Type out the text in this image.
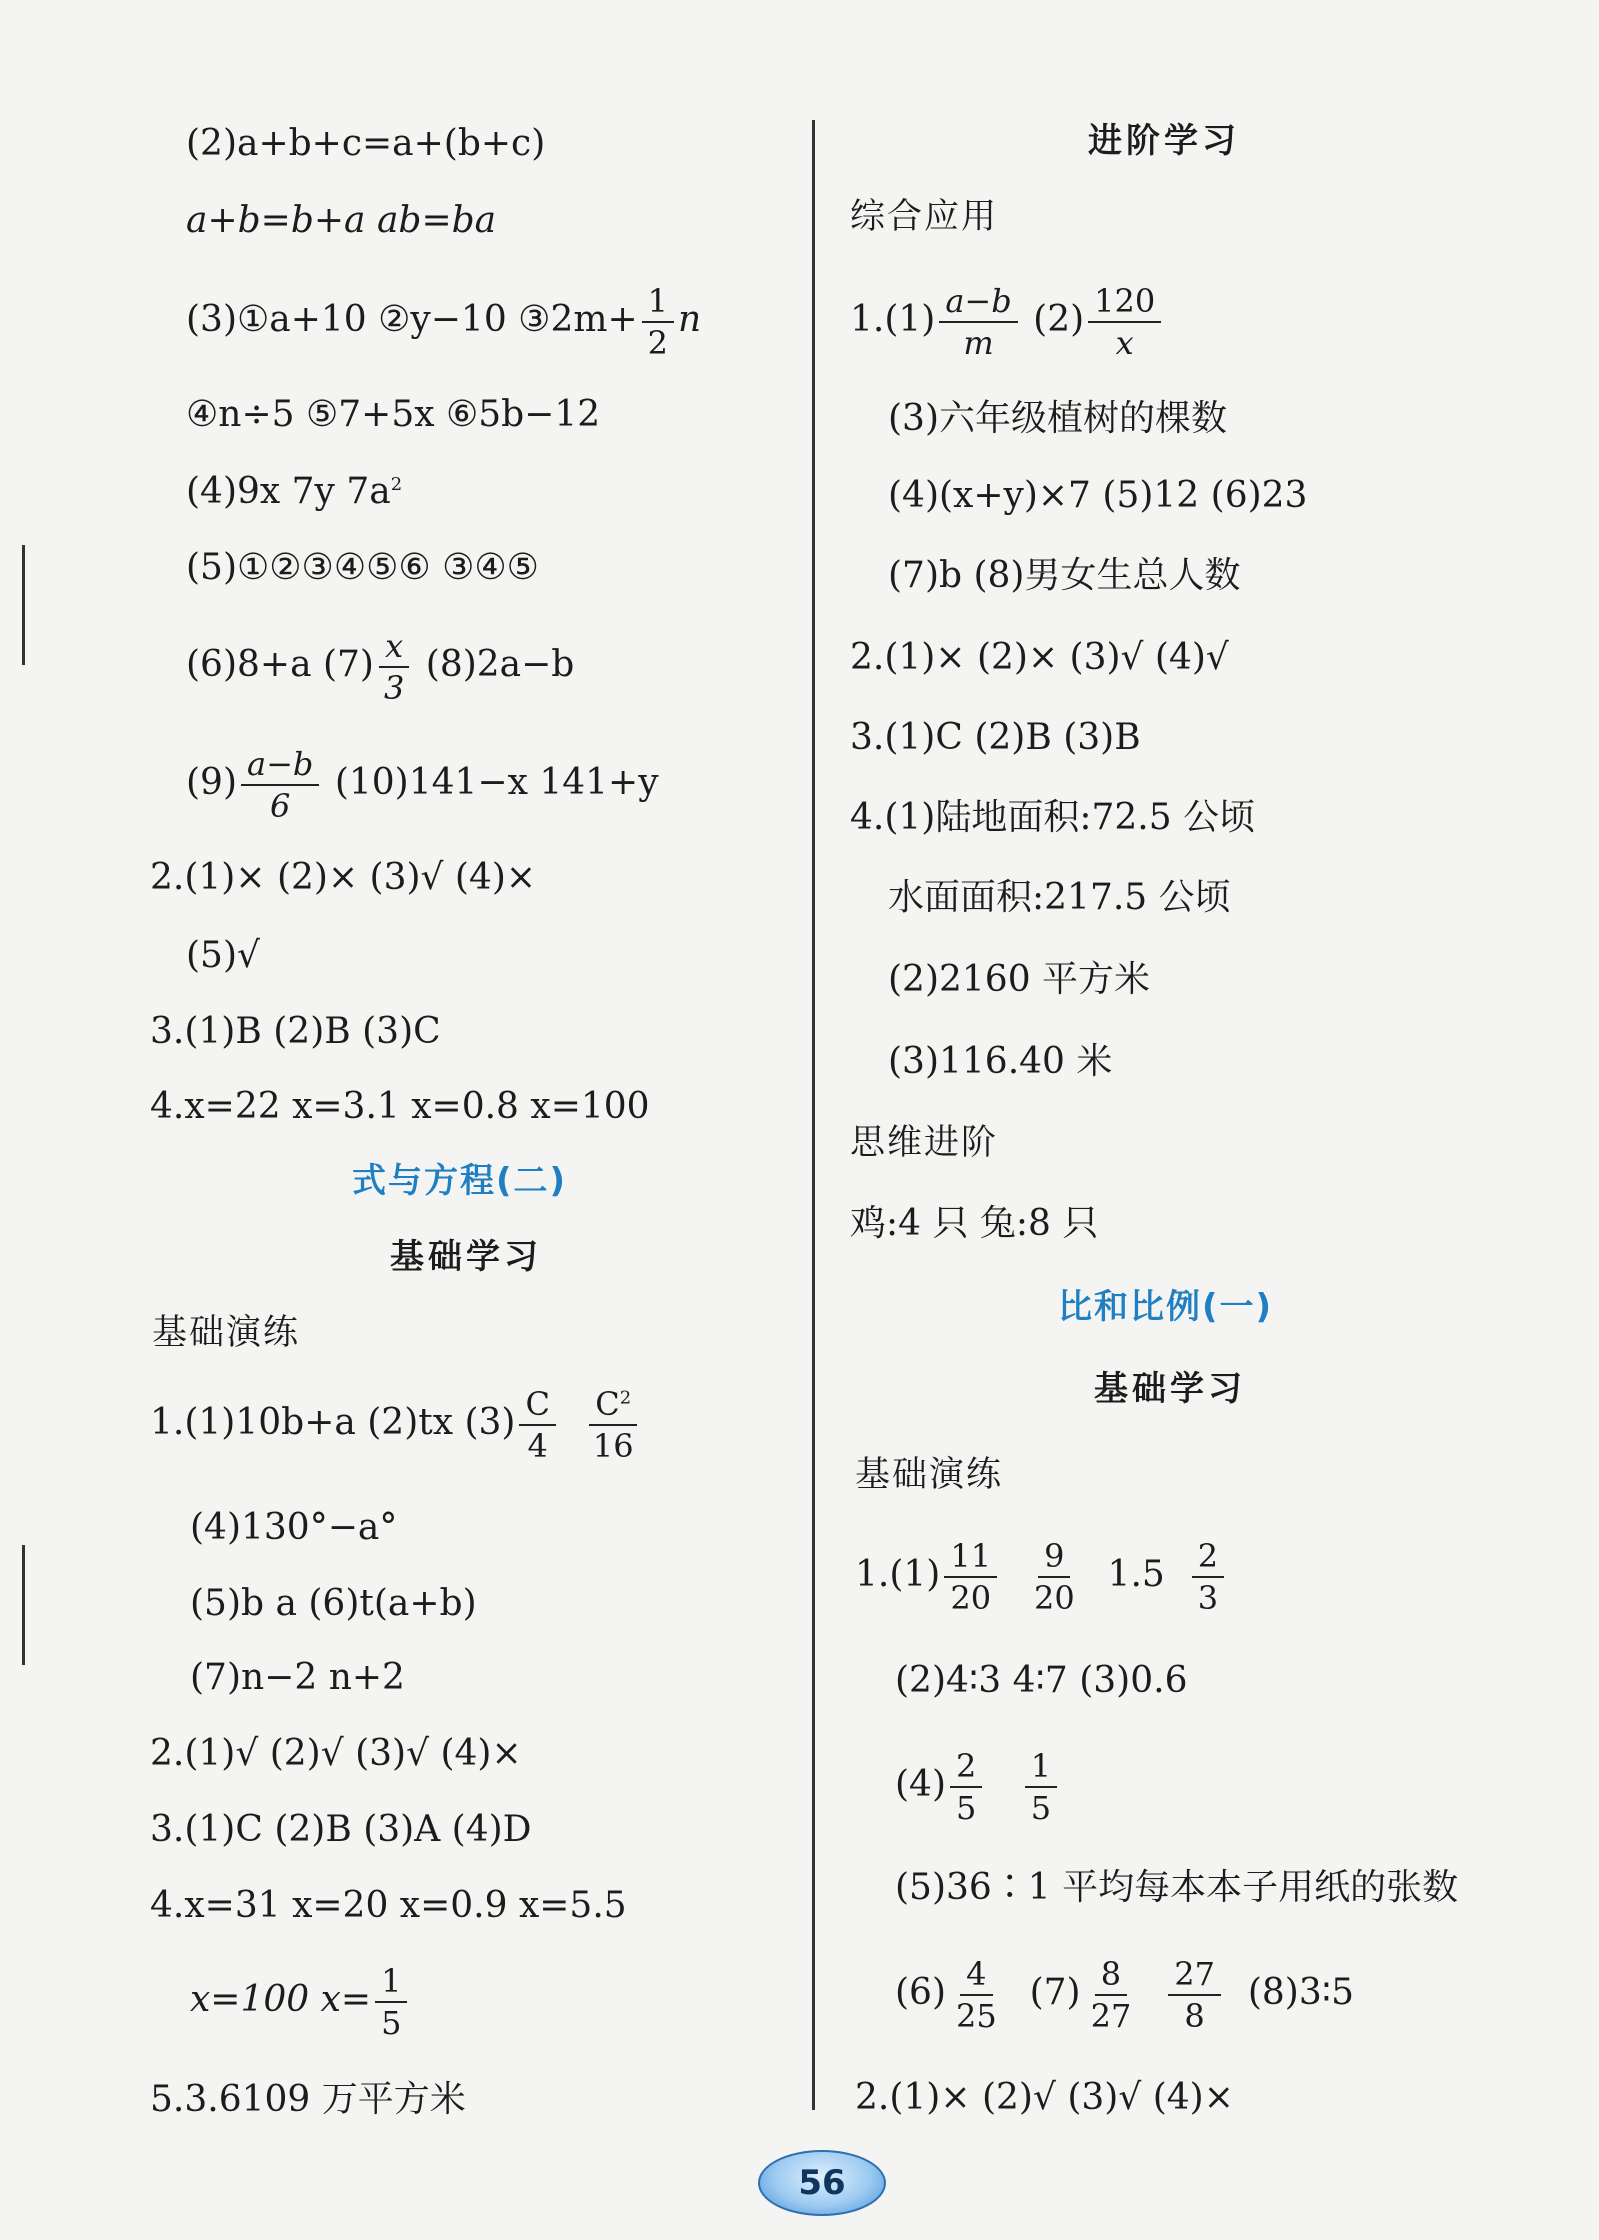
(2)a+b+c=a+(b+c)
a+b=b+a ab=ba
(3)①a+10 ②y−10 ③2m+ $\frac{1}{2}$ n
④n÷5 ⑤7+5x ⑥5b−12
(4)9x 7y $7a^2$
(5)①②③④⑤⑥ ③④⑤
(6)8+a $(7) \frac{x}{3} (8)2a-b$
$(9) \frac{a-b}{6} (10)141-x$ 141+y
2.(1)× (2)× (3)√ (4)×
(5)√
3.(1)B (2)B (3)C
4.x=22 x=3.1 x=0.8 x=100
式与方程(二)
基础学习
基础演练
1.(1)10b+a (2)tx $(3) \frac{C}{4}$
$\frac{C^2}{16}$
(4)130°−a°
(5)b a (6)t(a+b)
(7)n−2 n+2
2.(1)√ (2)√ (3)√ (4)×
3.(1)C (2)B (3)A (4)D
4.x=31 x=20 x=0.9 x=5.5
x=100 $x= \frac{1}{5}$
5.3.6109 万平方米
进阶学习
综合应用
$1.(1) \frac{a-b}{m} (2) \frac{120}{x}$
(3)六年级植树的棵数
(4)(x+y)×7 (5)12 (6)23
(7)b (8)男女生总人数
2.(1)× (2)× (3)√ (4)√
3.(1)C (2)B (3)B
4.(1)陆地面积:72.5 公顷
水面面积:217.5 公顷
(2)2160 平方米
(3)116.40 米
思维进阶
鸡:4 只 兔:8 只
比和比例(一)
基础学习
基础演练
$1.(1) \frac{11}{20}$
$\frac{9}{20} 1.5 \frac{2}{3}$
(2)4∶3 4∶7 (3)0.6
$(4) \frac{2}{5}$
$\frac{1}{5}$
(5)36∶1 平均每本本子用纸的张数
$(6) \frac{4}{25} (7) \frac{8}{27}$
$\frac{27}{8}$ (8)3∶5
2.(1)× (2)√ (3)√ (4)×
56
